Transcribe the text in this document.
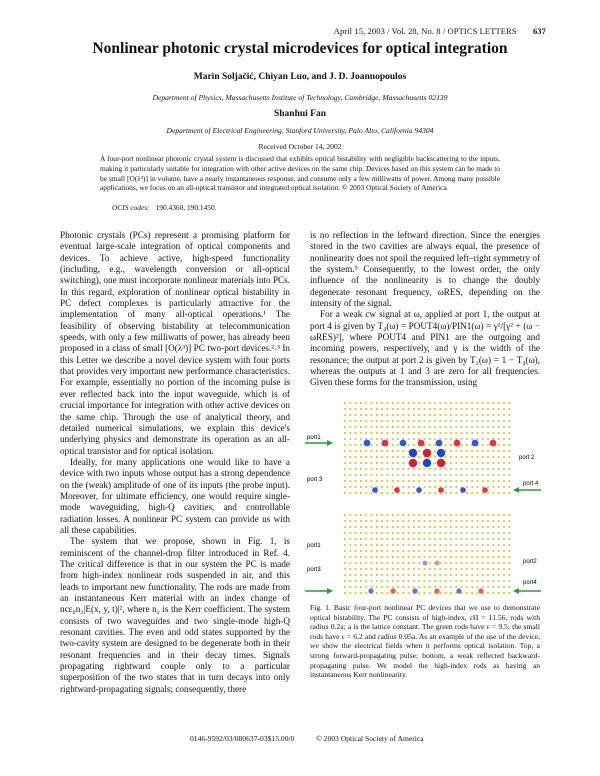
April 15, 2003 / Vol. 28, No. 8 / OPTICS LETTERS 637
Nonlinear photonic crystal microdevices for optical integration
Marin Soljačić, Chiyan Luo, and J. D. Joannopoulos
Department of Physics, Massachusetts Institute of Technology, Cambridge, Massachusetts 02139
Shanhui Fan
Department of Electrical Engineering, Stanford University, Palo Alto, California 94304
Received October 14, 2002
A four-port nonlinear photonic crystal system is discussed that exhibits optical bistability with negligible backscattering to the inputs, making it particularly suitable for integration with other active devices on the same chip. Devices based on this system can be made to be small [O(λ³)] in volume, have a nearly instantaneous response, and consume only a few milliwatts of power. Among many possible applications, we focus on an all-optical transistor and integrated optical isolation. © 2003 Optical Society of America
OCIS codes: 190.4360, 190.1450.

Photonic crystals (PCs) represent a promising platform for eventual large-scale integration of optical components and devices. To achieve active, high-speed functionality (including, e.g., wavelength conversion or all-optical switching), one must incorporate nonlinear materials into PCs. In this regard, exploration of nonlinear optical bistability in PC defect complexes is particularly attractive for the implementation of many all-optical operations.¹ The feasibility of observing bistability at telecommunication speeds, with only a few milliwatts of power, has already been proposed in a class of small [O(λ³)] PC two-port devices.²˒³ In this Letter we describe a novel device system with four ports that provides very important new performance characteristics. For example, essentially no portion of the incoming pulse is ever reflected back into the input waveguide, which is of crucial importance for integration with other active devices on the same chip. Through the use of analytical theory, and detailed numerical simulations, we explain this device's underlying physics and demonstrate its operation as an all-optical transistor and for optical isolation.

Ideally, for many applications one would like to have a device with two inputs whose output has a strong dependence on the (weak) amplitude of one of its inputs (the probe input). Moreover, for ultimate efficiency, one would require single-mode waveguiding, high-Q cavities, and controllable radiation losses. A nonlinear PC system can provide us with all these capabilities.

The system that we propose, shown in Fig. 1, is reminiscent of the channel-drop filter introduced in Ref. 4. The critical difference is that in our system the PC is made from high-index nonlinear rods suspended in air, and this leads to important new functionality. The rods are made from an instantaneous Kerr material with an index change of ncε₀n₂|E(x, y, t)|², where n₂ is the Kerr coefficient. The system consists of two waveguides and two single-mode high-Q resonant cavities. The even and odd states supported by the two-cavity system are designed to be degenerate both in their resonant frequencies and in their decay times. Signals propagating rightward couple only to a particular superposition of the two states that in turn decays into only rightward-propagating signals; consequently, there

is no reflection in the leftward direction. Since the energies stored in the two cavities are always equal, the presence of nonlinearity does not spoil the required left–right symmetry of the system.⁵ Consequently, to the lowest order, the only influence of the nonlinearity is to change the doubly degenerate resonant frequency, ωRES, depending on the intensity of the signal.

For a weak cw signal at ω, applied at port 1, the output at port 4 is given by T₄(ω) = POUT4(ω)/PIN1(ω) = γ²/[γ² + (ω − ωRES)²], where POUT4 and PIN1 are the outgoing and incoming powers, respectively, and γ is the width of the resonance; the output at port 2 is given by T₂(ω) = 1 − T₄(ω), whereas the outputs at 1 and 3 are zero for all frequencies. Given these forms for the transmission, using

port1
port 3
port 2
port 4
port1
port3
port2
port4
Fig. 1. Basic four-port nonlinear PC devices that we use to demonstrate optical bistability. The PC consists of high-index, εH = 11.56, rods with radius 0.2a; a is the lattice constant. The green rods have ε = 9.5; the small rods have ε = 6.2 and radius 0.05a. As an example of the use of the device, we show the electrical fields when it performs optical isolation. Top, a strong forward-propagating pulse; bottom, a weak reflected backward-propagating pulse. We model the high-index rods as having an instantaneous Kerr nonlinearity.
0146-9592/03/080637-03$15.00/0	© 2003 Optical Society of America
